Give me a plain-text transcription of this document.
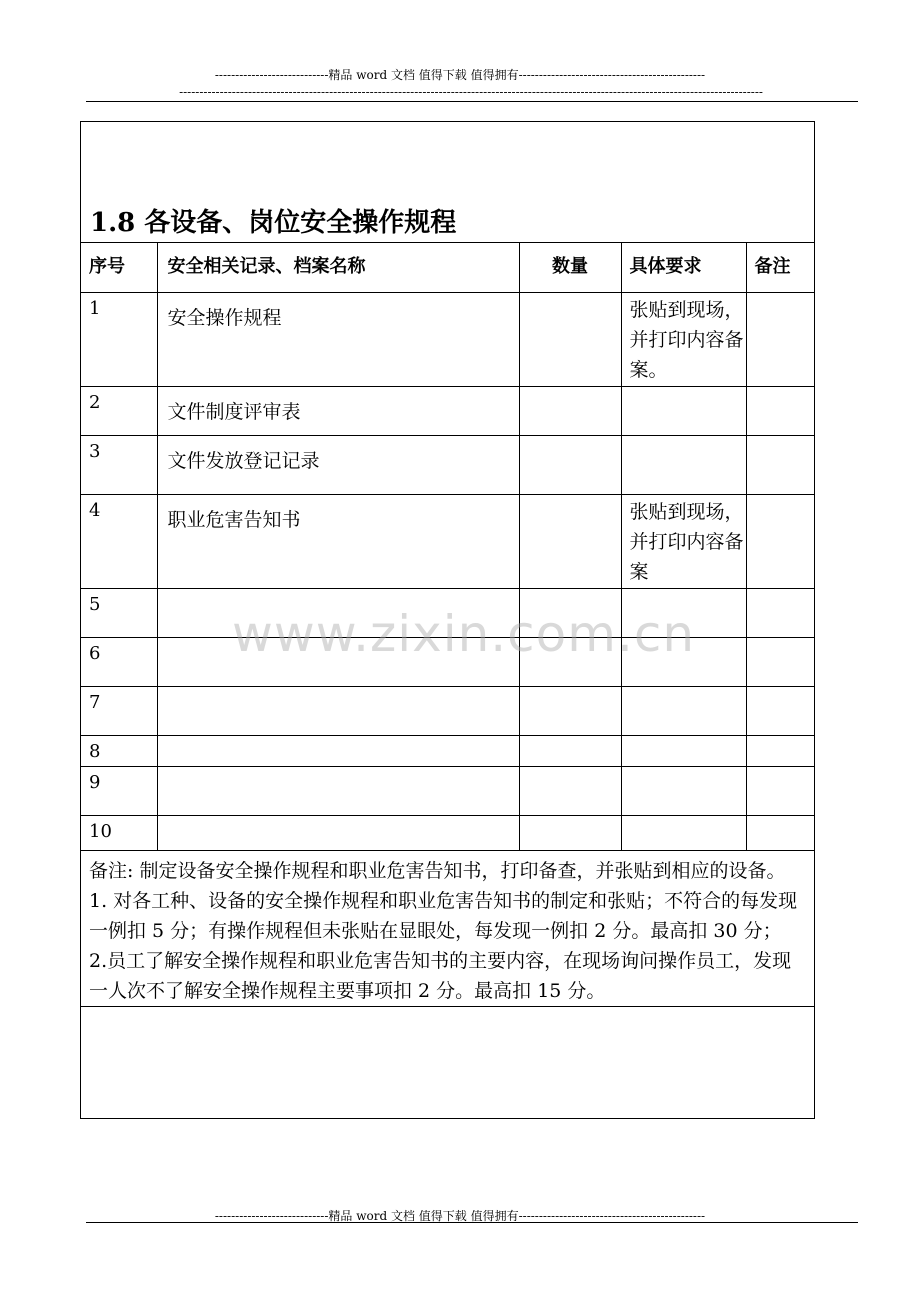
----------------------------精品 word 文档 值得下载 值得拥有----------------------------------------------
------------------------------------------------------------------------------------------------------------------------------------------------
1.8 各设备、岗位安全操作规程
序号	安全相关记录、档案名称	数量	具体要求	备注

1	安全操作规程		张贴到现场，并打印内容备案。	

2	文件制度评审表			

3	文件发放登记记录			

4	职业危害告知书		张贴到现场，并打印内容备案	

5				

6				

7				

8				

9				

10				

备注: 制定设备安全操作规程和职业危害告知书，打印备查，并张贴到相应的设备。

1. 对各工种、设备的安全操作规程和职业危害告知书的制定和张贴；不符合的每发现一例扣 5 分；有操作规程但未张贴在显眼处，每发现一例扣 2 分。最高扣 30 分；

2.员工了解安全操作规程和职业危害告知书的主要内容，在现场询问操作员工，发现一人次不了解安全操作规程主要事项扣 2 分。最高扣 15 分。				

www.zixin.com.cn
----------------------------精品 word 文档 值得下载 值得拥有----------------------------------------------
